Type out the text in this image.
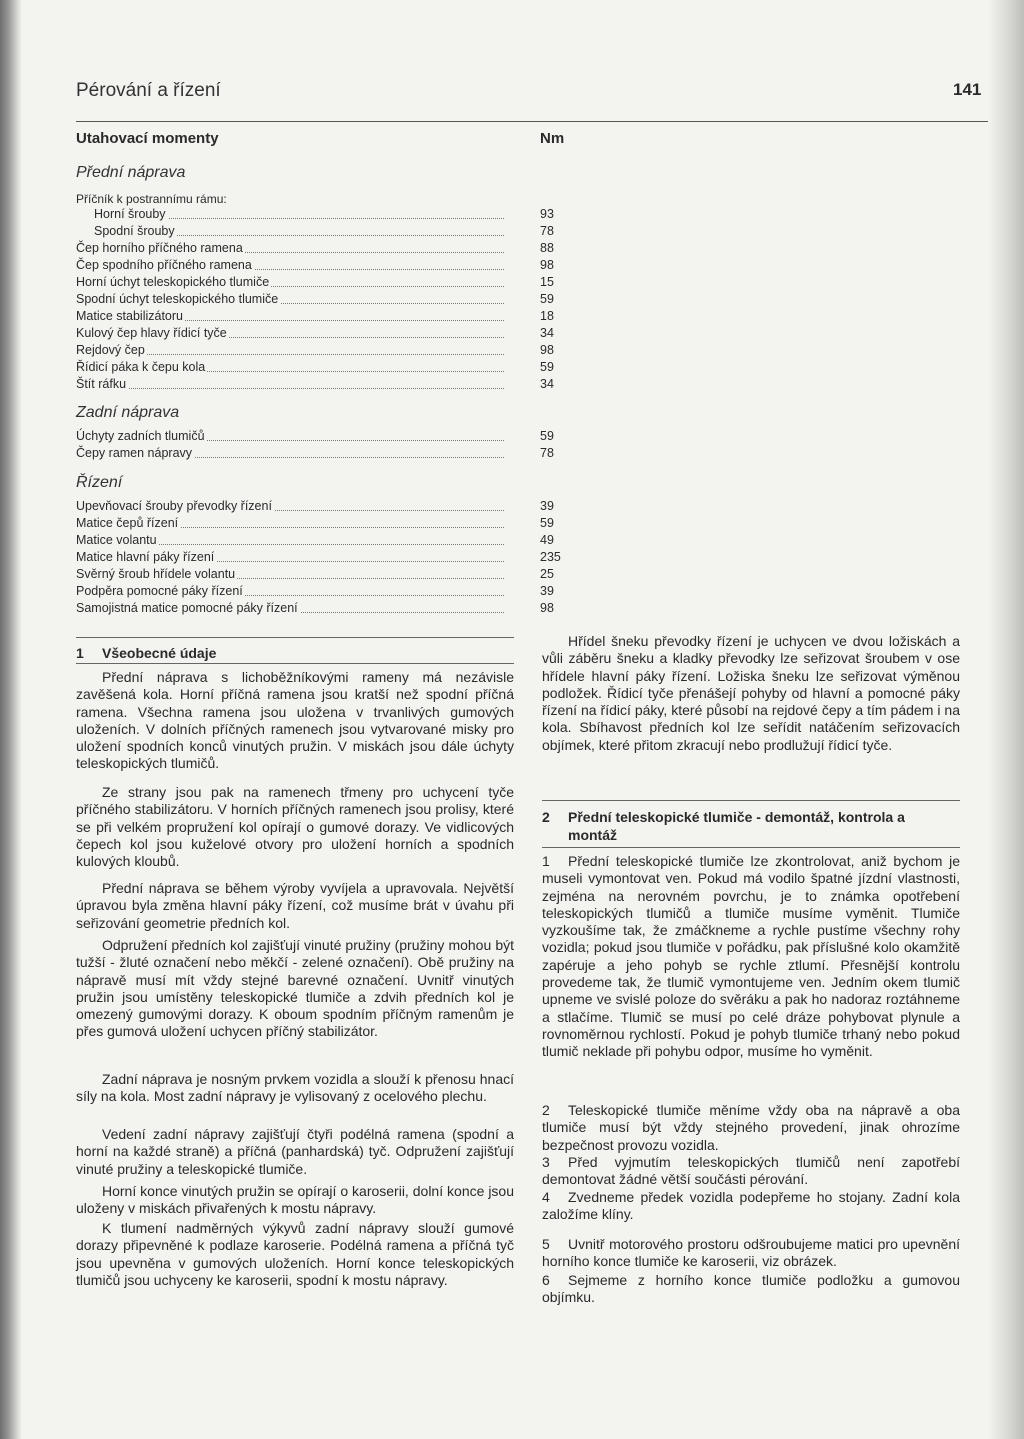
Pérování a řízení	141
Utahovací momenty	Nm
Přední náprava
Příčník k postrannímu rámu:
Horní šrouby	93
Spodní šrouby	78
Čep horního příčného ramena	88
Čep spodního příčného ramena	98
Horní úchyt teleskopického tlumiče	15
Spodní úchyt teleskopického tlumiče	59
Matice stabilizátoru	18
Kulový čep hlavy řídicí tyče	34
Rejdový čep	98
Řídicí páka k čepu kola	59
Štít ráfku	34
Zadní náprava
Úchyty zadních tlumičů	59
Čepy ramen nápravy	78
Řízení
Upevňovací šrouby převodky řízení	39
Matice čepů řízení	59
Matice volantu	49
Matice hlavní páky řízení	235
Svěrný šroub hřídele volantu	25
Podpěra pomocné páky řízení	39
Samojistná matice pomocné páky řízení	98
1 Všeobecné údaje
Přední náprava s lichoběžníkovými rameny má nezávisle zavěšená kola. Horní příčná ramena jsou kratší než spodní příčná ramena. Všechna ramena jsou uložena v trvanlivých gumových uloženích. V dolních příčných ramenech jsou vytvarované misky pro uložení spodních konců vinutých pružin. V miskách jsou dále úchyty teleskopických tlumičů.
Ze strany jsou pak na ramenech třmeny pro uchycení tyče příčného stabilizátoru. V horních příčných ramenech jsou prolisy, které se při velkém propružení kol opírají o gumové dorazy. Ve vidlicových čepech kol jsou kuželové otvory pro uložení horních a spodních kulových kloubů.
Přední náprava se během výroby vyvíjela a upravovala. Největší úpravou byla změna hlavní páky řízení, což musíme brát v úvahu při seřizování geometrie předních kol.
Odpružení předních kol zajišťují vinuté pružiny (pružiny mohou být tužší - žluté označení nebo měkčí - zelené označení). Obě pružiny na nápravě musí mít vždy stejné barevné označení. Uvnitř vinutých pružin jsou umístěny teleskopické tlumiče a zdvih předních kol je omezený gumovými dorazy. K oboum spodním příčným ramenům je přes gumová uložení uchycen příčný stabilizátor.
Zadní náprava je nosným prvkem vozidla a slouží k přenosu hnací síly na kola. Most zadní nápravy je vylisovaný z ocelového plechu.
Vedení zadní nápravy zajišťují čtyři podélná ramena (spodní a horní na každé straně) a příčná (panhardská) tyč. Odpružení zajišťují vinuté pružiny a teleskopické tlumiče.
Horní konce vinutých pružin se opírají o karoserii, dolní konce jsou uloženy v miskách přivařených k mostu nápravy.
K tlumení nadměrných výkyvů zadní nápravy slouží gumové dorazy připevněné k podlaze karoserie. Podélná ramena a příčná tyč jsou upevněna v gumových uloženích. Horní konce teleskopických tlumičů jsou uchyceny ke karoserii, spodní k mostu nápravy.
Hřídel šneku převodky řízení je uchycen ve dvou ložiskách a vůli záběru šneku a kladky převodky lze seřizovat šroubem v ose hřídele hlavní páky řízení. Ložiska šneku lze seřizovat výměnou podložek. Řídicí tyče přenášejí pohyby od hlavní a pomocné páky řízení na řídicí páky, které působí na rejdové čepy a tím pádem i na kola. Sbíhavost předních kol lze seřídit natáčením seřizovacích objímek, které přitom zkracují nebo prodlužují řídicí tyče.
2 Přední teleskopické tlumiče - demontáž, kontrola a montáž
1 Přední teleskopické tlumiče lze zkontrolovat, aniž bychom je museli vymontovat ven. Pokud má vodilo špatné jízdní vlastnosti, zejména na nerovném povrchu, je to známka opotřebení teleskopických tlumičů a tlumiče musíme vyměnit. Tlumiče vyzkoušíme tak, že zmáčkneme a rychle pustíme všechny rohy vozidla; pokud jsou tlumiče v pořádku, pak příslušné kolo okamžitě zapéruje a jeho pohyb se rychle ztlumí. Přesnější kontrolu provedeme tak, že tlumič vymontujeme ven. Jedním okem tlumič upneme ve svislé poloze do svěráku a pak ho nadoraz roztáhneme a stlačíme. Tlumič se musí po celé dráze pohybovat plynule a rovnoměrnou rychlostí. Pokud je pohyb tlumiče trhaný nebo pokud tlumič neklade při pohybu odpor, musíme ho vyměnit.
2 Teleskopické tlumiče měníme vždy oba na nápravě a oba tlumiče musí být vždy stejného provedení, jinak ohrozíme bezpečnost provozu vozidla.
3 Před vyjmutím teleskopických tlumičů není zapotřebí demontovat žádné větší součásti pérování.
4 Zvedneme předek vozidla podepřeme ho stojany. Zadní kola založíme klíny.
5 Uvnitř motorového prostoru odšroubujeme matici pro upevnění horního konce tlumiče ke karoserii, viz obrázek.
6 Sejmeme z horního konce tlumiče podložku a gumovou objímku.
